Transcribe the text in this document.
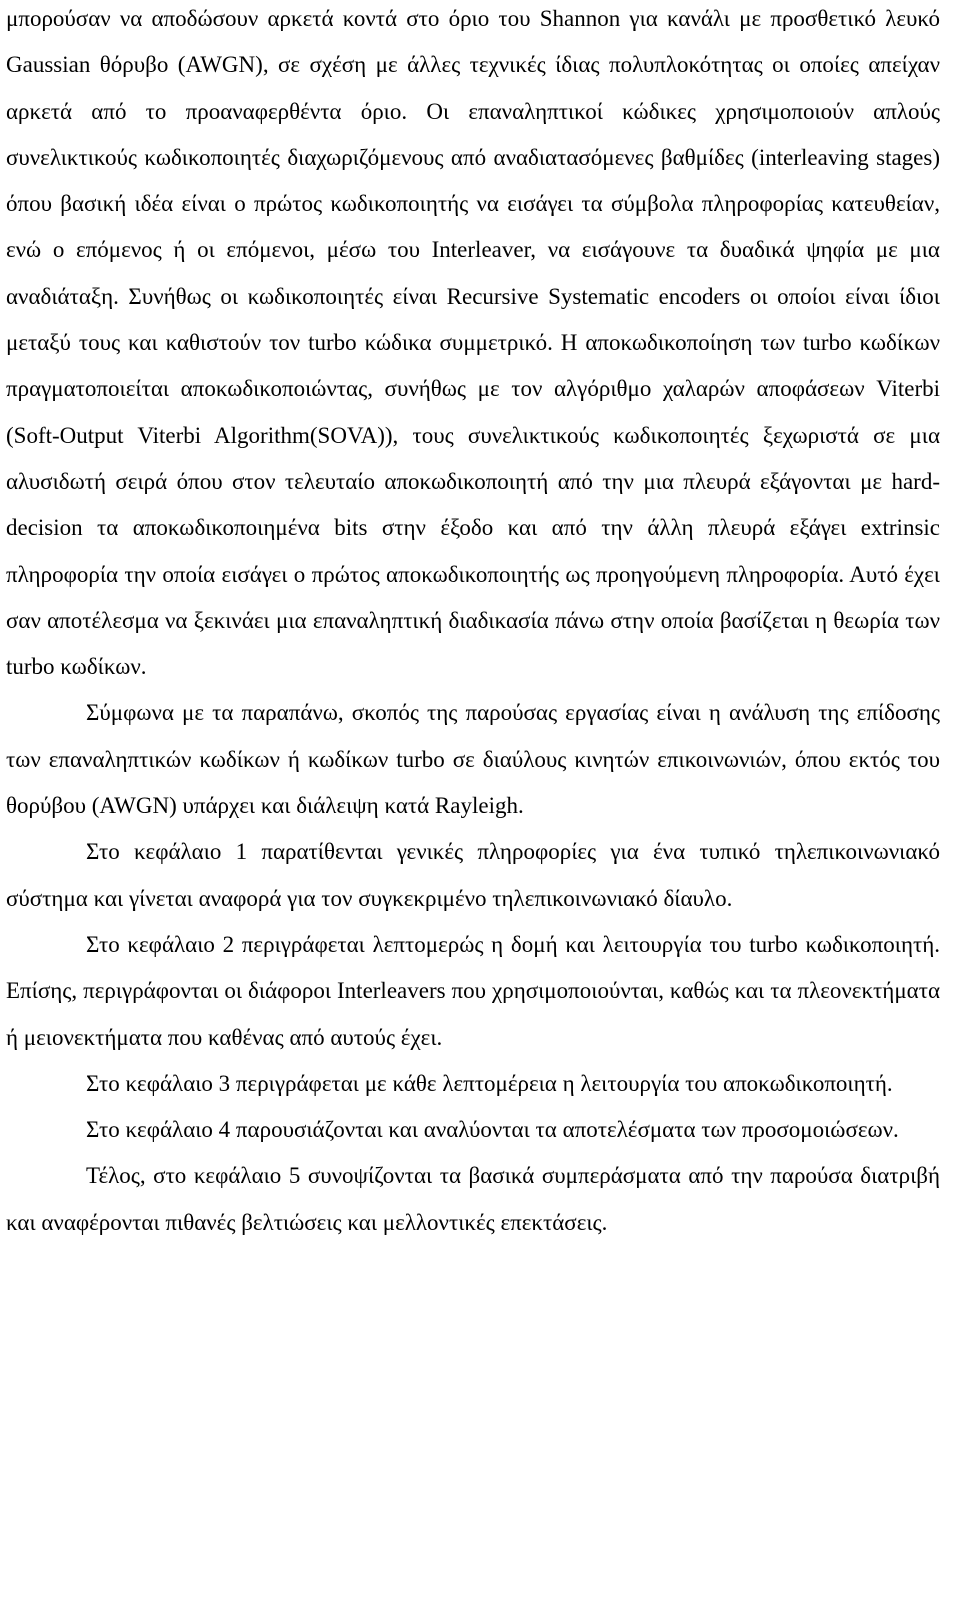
μπορούσαν να αποδώσουν αρκετά κοντά στο όριο του Shannon για κανάλι με προσθετικό λευκό Gaussian θόρυβο (AWGN), σε σχέση με άλλες τεχνικές ίδιας πολυπλοκότητας οι οποίες απείχαν αρκετά από το προαναφερθέντα όριο. Οι επαναληπτικοί κώδικες χρησιμοποιούν απλούς συνελικτικούς κωδικοποιητές διαχωριζόμενους από αναδιατασόμενες βαθμίδες (interleaving stages) όπου βασική ιδέα είναι ο πρώτος κωδικοποιητής να εισάγει τα σύμβολα πληροφορίας κατευθείαν, ενώ ο επόμενος ή οι επόμενοι, μέσω του Interleaver, να εισάγουνε τα δυαδικά ψηφία με μια αναδιάταξη. Συνήθως οι κωδικοποιητές είναι Recursive Systematic encoders οι οποίοι είναι ίδιοι μεταξύ τους και καθιστούν τον turbo κώδικα συμμετρικό. Η αποκωδικοποίηση των turbo κωδίκων πραγματοποιείται αποκωδικοποιώντας, συνήθως με τον αλγόριθμο χαλαρών αποφάσεων Viterbi (Soft-Output Viterbi Algorithm(SOVA)), τους συνελικτικούς κωδικοποιητές ξεχωριστά σε μια αλυσιδωτή σειρά όπου στον τελευταίο αποκωδικοποιητή από την μια πλευρά εξάγονται με hard-decision τα αποκωδικοποιημένα bits στην έξοδο και από την άλλη πλευρά εξάγει extrinsic πληροφορία την οποία εισάγει ο πρώτος αποκωδικοποιητής ως προηγούμενη πληροφορία. Αυτό έχει σαν αποτέλεσμα να ξεκινάει μια επαναληπτική διαδικασία πάνω στην οποία βασίζεται η θεωρία των turbo κωδίκων.

Σύμφωνα με τα παραπάνω, σκοπός της παρούσας εργασίας είναι η ανάλυση της επίδοσης των επαναληπτικών κωδίκων ή κωδίκων turbo σε διαύλους κινητών επικοινωνιών, όπου εκτός του θορύβου (AWGN) υπάρχει και διάλειψη κατά Rayleigh.

Στο κεφάλαιο 1 παρατίθενται γενικές πληροφορίες για ένα τυπικό τηλεπικοινωνιακό σύστημα και γίνεται αναφορά για τον συγκεκριμένο τηλεπικοινωνιακό δίαυλο.

Στο κεφάλαιο 2 περιγράφεται λεπτομερώς η δομή και λειτουργία του turbo κωδικοποιητή. Επίσης, περιγράφονται οι διάφοροι Interleavers που χρησιμοποιούνται, καθώς και τα πλεονεκτήματα ή μειονεκτήματα που καθένας από αυτούς έχει.

Στο κεφάλαιο 3 περιγράφεται με κάθε λεπτομέρεια η λειτουργία του αποκωδικοποιητή.

Στο κεφάλαιο 4 παρουσιάζονται και αναλύονται τα αποτελέσματα των προσομοιώσεων.

Τέλος, στο κεφάλαιο 5 συνοψίζονται τα βασικά συμπεράσματα από την παρούσα διατριβή και αναφέρονται πιθανές βελτιώσεις και μελλοντικές επεκτάσεις.
